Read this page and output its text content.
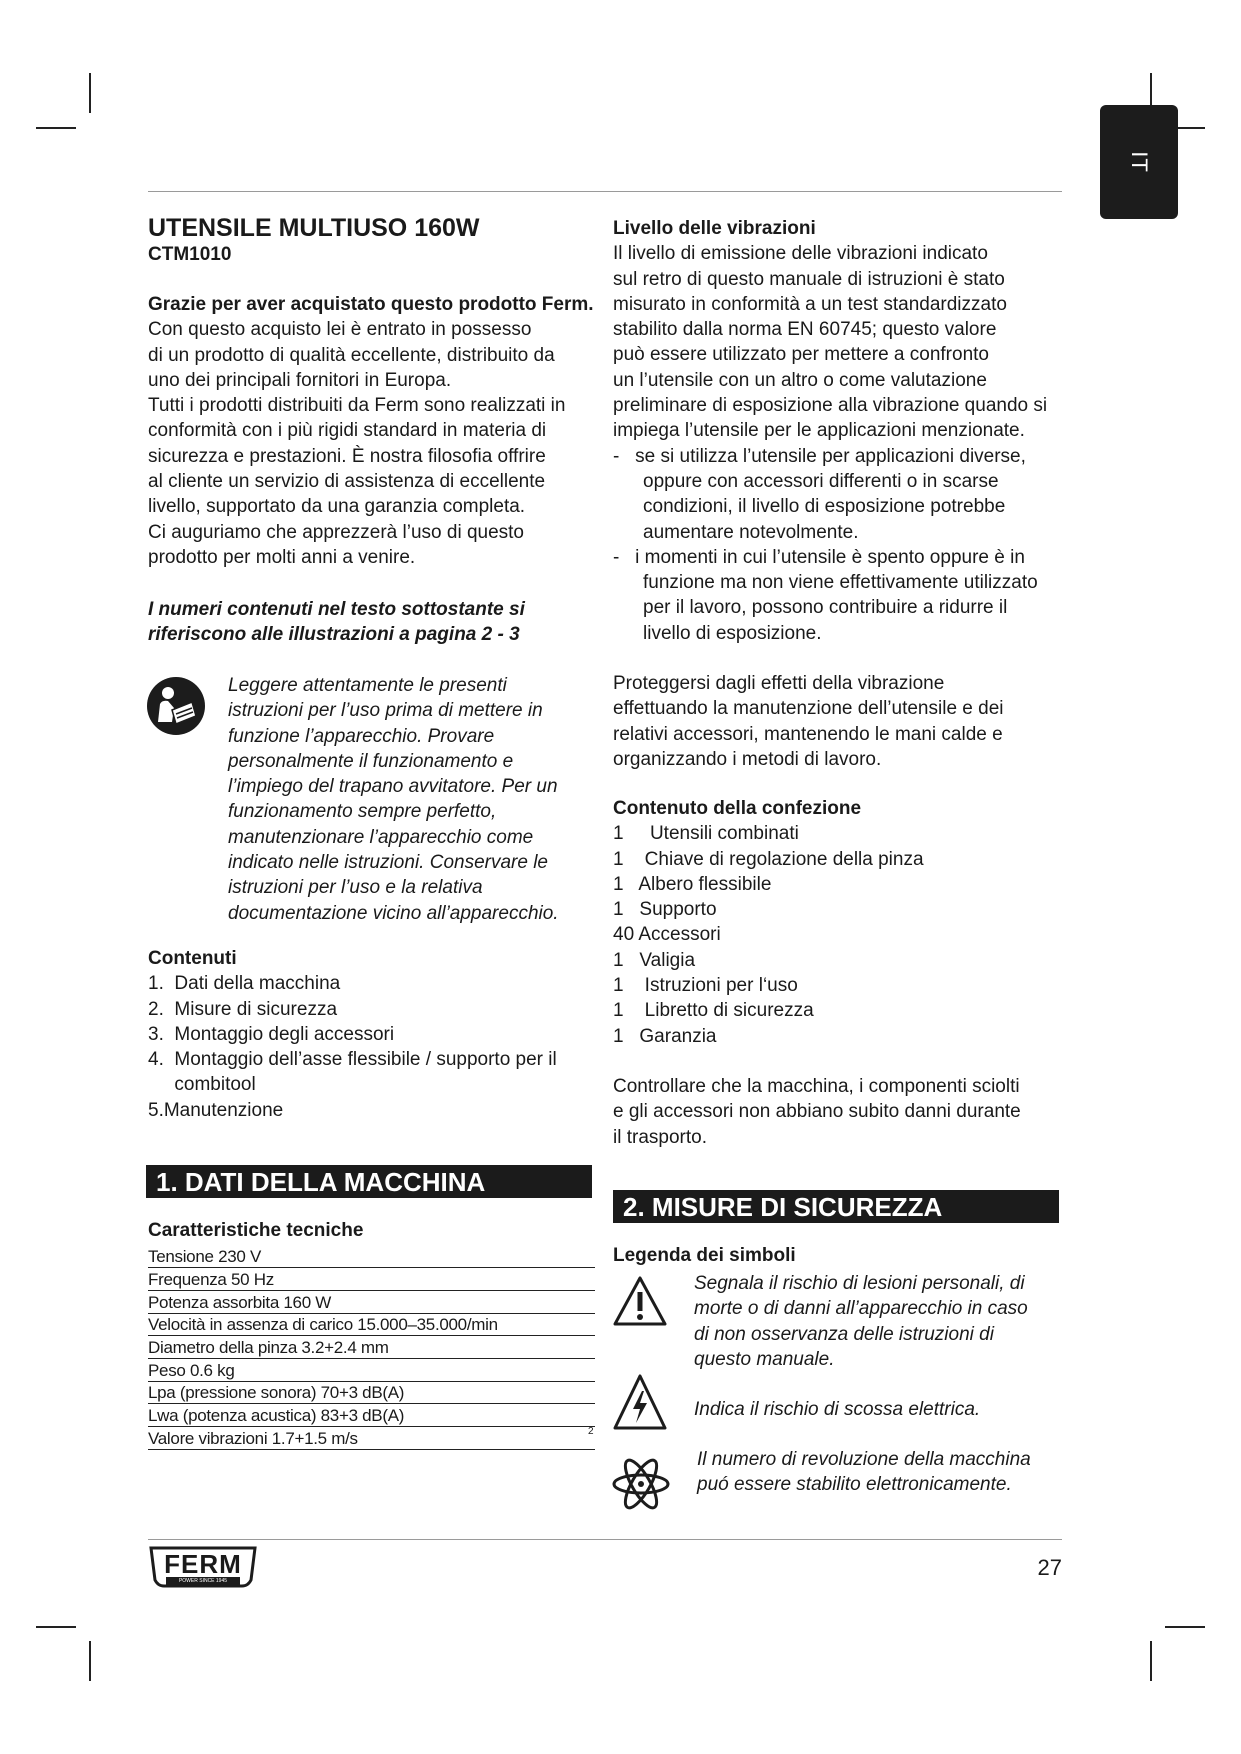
IT
UTENSILE MULTIUSO 160W
CTM1010

Grazie per aver acquistato questo prodotto Ferm.

Con questo acquisto lei è entrato in possesso

di un prodotto di qualità eccellente, distribuito da

uno dei principali fornitori in Europa.

Tutti i prodotti distribuiti da Ferm sono realizzati in

conformità con i più rigidi standard in materia di

sicurezza e prestazioni. È nostra filosofia offrire

al cliente un servizio di assistenza di eccellente

livello, supportato da una garanzia completa.

Ci auguriamo che apprezzerà l’uso di questo

prodotto per molti anni a venire.

I numeri contenuti nel testo sottostante si

riferiscono alle illustrazioni a pagina 2 - 3

Leggere attentamente le presenti

istruzioni per l’uso prima di mettere in

funzione l’apparecchio. Provare

personalmente il funzionamento e

l’impiego del trapano avvitatore. Per un

funzionamento sempre perfetto,

manutenzionare l’apparecchio come

indicato nelle istruzioni. Conservare le

istruzioni per l’uso e la relativa

documentazione vicino all’apparecchio.

Contenuti

1.  Dati della macchina

2.  Misure di sicurezza

3.  Montaggio degli accessori

4.  Montaggio dell’asse flessibile / supporto per il

combitool

5.Manutenzione

1. DATI DELLA MACCHINA
Caratteristiche tecniche
Tensione 230 V
Frequenza 50 Hz
Potenza assorbita 160 W
Velocità in assenza di carico 15.000–35.000/min
Diametro della pinza 3.2+2.4 mm
Peso 0.6 kg
Lpa (pressione sonora) 70+3 dB(A)
Lwa (potenza acustica) 83+3 dB(A)
Valore vibrazioni 1.7+1.5 m/s	2

Livello delle vibrazioni

Il livello di emissione delle vibrazioni indicato

sul retro di questo manuale di istruzioni è stato

misurato in conformità a un test standardizzato

stabilito dalla norma EN 60745; questo valore

può essere utilizzato per mettere a confronto

un l’utensile con un altro o come valutazione

preliminare di esposizione alla vibrazione quando si

impiega l’utensile per le applicazioni menzionate.

-   se si utilizza l’utensile per applicazioni diverse,

oppure con accessori differenti o in scarse

condizioni, il livello di esposizione potrebbe

aumentare notevolmente.

-   i momenti in cui l’utensile è spento oppure è in

funzione ma non viene effettivamente utilizzato

per il lavoro, possono contribuire a ridurre il

livello di esposizione.

Proteggersi dagli effetti della vibrazione

effettuando la manutenzione dell’utensile e dei

relativi accessori, mantenendo le mani calde e

organizzando i metodi di lavoro.

Contenuto della confezione

1     Utensili combinati

1    Chiave di regolazione della pinza

1   Albero flessibile

1   Supporto

40 Accessori

1   Valigia

1    Istruzioni per l‘uso

1    Libretto di sicurezza

1   Garanzia

Controllare che la macchina, i componenti sciolti

e gli accessori non abbiano subito danni durante

il trasporto.

2. MISURE DI SICUREZZA
Legenda dei simboli

Segnala il rischio di lesioni personali, di

morte o di danni all’apparecchio in caso

di non osservanza delle istruzioni di

questo manuale.

Indica il rischio di scossa elettrica.

Il numero di revoluzione della macchina

puó essere stabilito elettronicamente.

FERM
POWER SINCE 1945
27
